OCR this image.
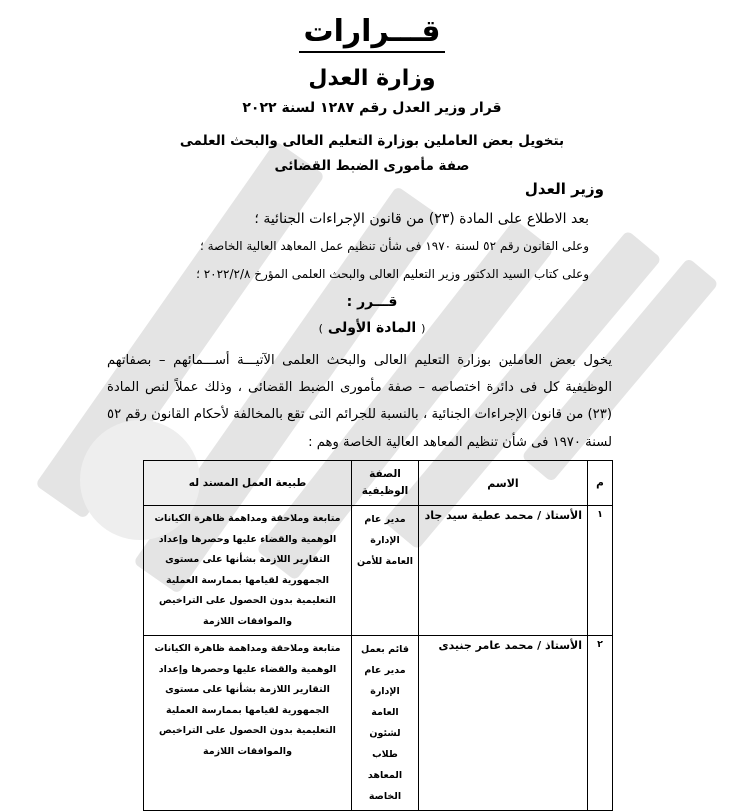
قـــرارات
وزارة العدل
قرار وزير العدل رقم ١٢٨٧ لسنة ٢٠٢٢
بتخويل بعض العاملين بوزارة التعليم العالى والبحث العلمى
صفة مأمورى الضبط القضائى
وزير العدل
بعد الاطلاع على المادة (٢٣) من قانون الإجراءات الجنائية ؛
وعلى القانون رقم ٥٢ لسنة ١٩٧٠ فى شأن تنظيم عمل المعاهد العالية الخاصة ؛
وعلى كتاب السيد الدكتور وزير التعليم العالى والبحث العلمى المؤرخ ٢٠٢٢/٢/٨ ؛
قـــرر :
( المادة الأولى )
يخول بعض العاملين بوزارة التعليم العالى والبحث العلمى الآتيـــة أســـمائهم – بصفاتهم الوظيفية كل فى دائرة اختصاصه – صفة مأمورى الضبط القضائى ، وذلك عملاً لنص المادة (٢٣) من قانون الإجراءات الجنائية ، بالنسبة للجرائم التى تقع بالمخالفة لأحكام القانون رقم ٥٢ لسنة ١٩٧٠ فى شأن تنظيم المعاهد العالية الخاصة وهم :
م	الاسم	الصفة الوظيفية	طبيعة العمل المسند له
١	الأستاذ / محمد عطية سيد جاد	مدير عام الإدارة العامة للأمن	متابعة وملاحقة ومداهمة ظاهرة الكيانات الوهمية والقضاء عليها وحصرها وإعداد التقارير اللازمة بشأنها على مستوى الجمهورية لقيامها بممارسة العملية التعليمية بدون الحصول على التراخيص والموافقات اللازمة
٢	الأستاذ / محمد عامر جنيدى	قائم بعمل مدير عام الإدارة العامة لشئون طلاب المعاهد الخاصة	متابعة وملاحقة ومداهمة ظاهرة الكيانات الوهمية والقضاء عليها وحصرها وإعداد التقارير اللازمة بشأنها على مستوى الجمهورية لقيامها بممارسة العملية التعليمية بدون الحصول على التراخيص والموافقات اللازمة
